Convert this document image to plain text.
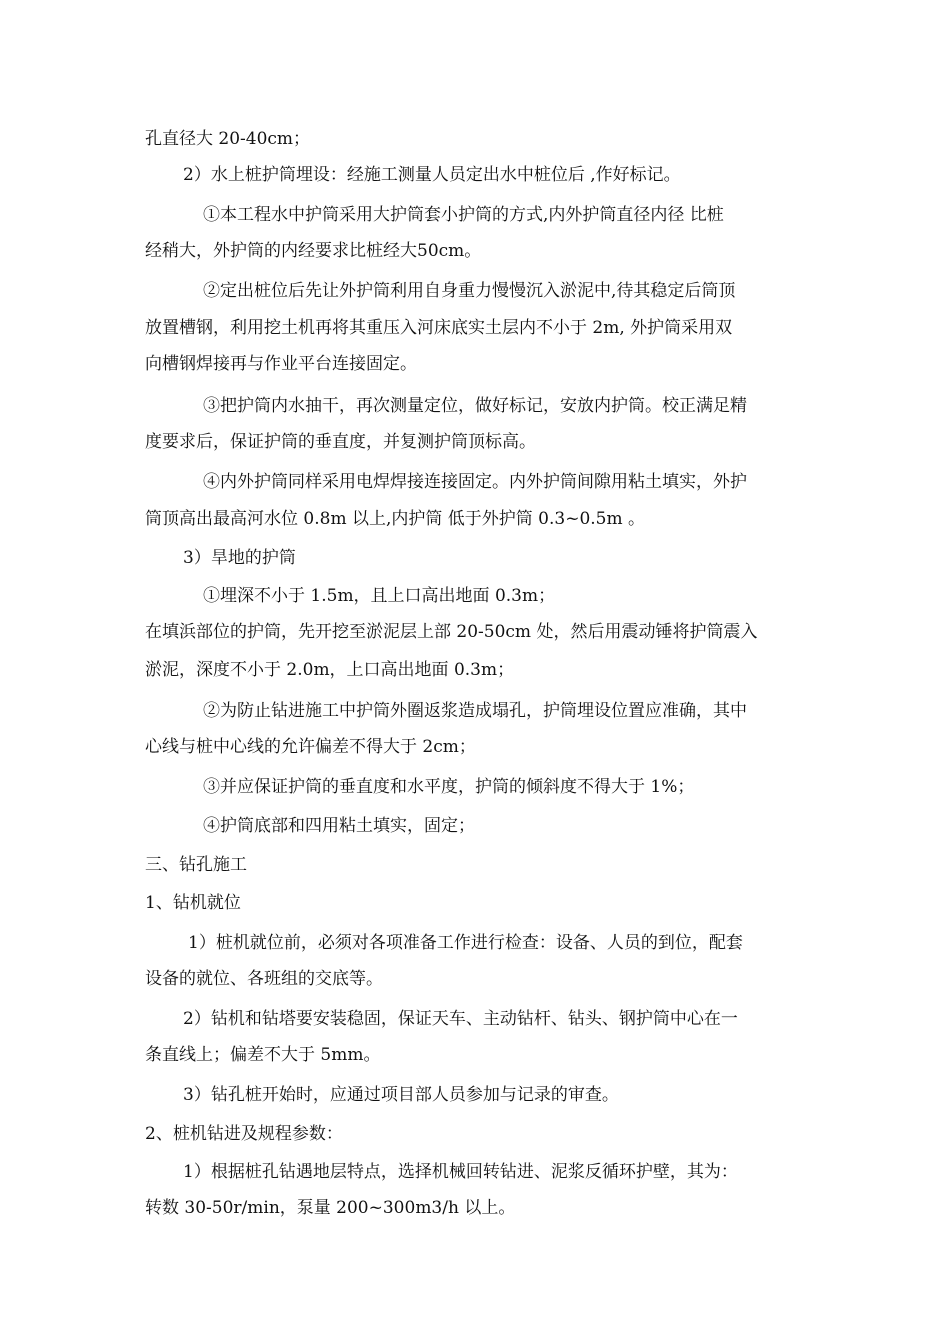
孔直径大 20-40cm；
2）水上桩护筒埋设：经施工测量人员定出水中桩位后 ,作好标记。
①本工程水中护筒采用大护筒套小护筒的方式,内外护筒直径内径 比桩
经稍大，外护筒的内经要求比桩经大50cm。
②定出桩位后先让外护筒利用自身重力慢慢沉入淤泥中,待其稳定后筒顶
放置槽钢，利用挖土机再将其重压入河床底实土层内不小于 2m, 外护筒采用双
向槽钢焊接再与作业平台连接固定。
③把护筒内水抽干，再次测量定位，做好标记，安放内护筒。校正满足精
度要求后，保证护筒的垂直度，并复测护筒顶标高。
④内外护筒同样采用电焊焊接连接固定。内外护筒间隙用粘土填实，外护
筒顶高出最高河水位 0.8m 以上,内护筒 低于外护筒 0.3~0.5m 。
3）旱地的护筒
①埋深不小于 1.5m，且上口高出地面 0.3m；
在填浜部位的护筒，先开挖至淤泥层上部 20-50cm 处，然后用震动锤将护筒震入
淤泥，深度不小于 2.0m，上口高出地面 0.3m；
②为防止钻进施工中护筒外圈返浆造成塌孔，护筒埋设位置应准确，其中
心线与桩中心线的允许偏差不得大于 2cm；
③并应保证护筒的垂直度和水平度，护筒的倾斜度不得大于 1%；
④护筒底部和四用粘土填实，固定；
三、钻孔施工
1、钻机就位
1）桩机就位前，必须对各项准备工作进行检查：设备、人员的到位，配套
设备的就位、各班组的交底等。
2）钻机和钻塔要安装稳固，保证天车、主动钻杆、钻头、钢护筒中心在一
条直线上；偏差不大于 5mm。
3）钻孔桩开始时，应通过项目部人员参加与记录的审查。
2、桩机钻进及规程参数：
1）根据桩孔钻遇地层特点，选择机械回转钻进、泥浆反循环护壁，其为：
转数 30-50r/min，泵量 200~300m3/h 以上。
